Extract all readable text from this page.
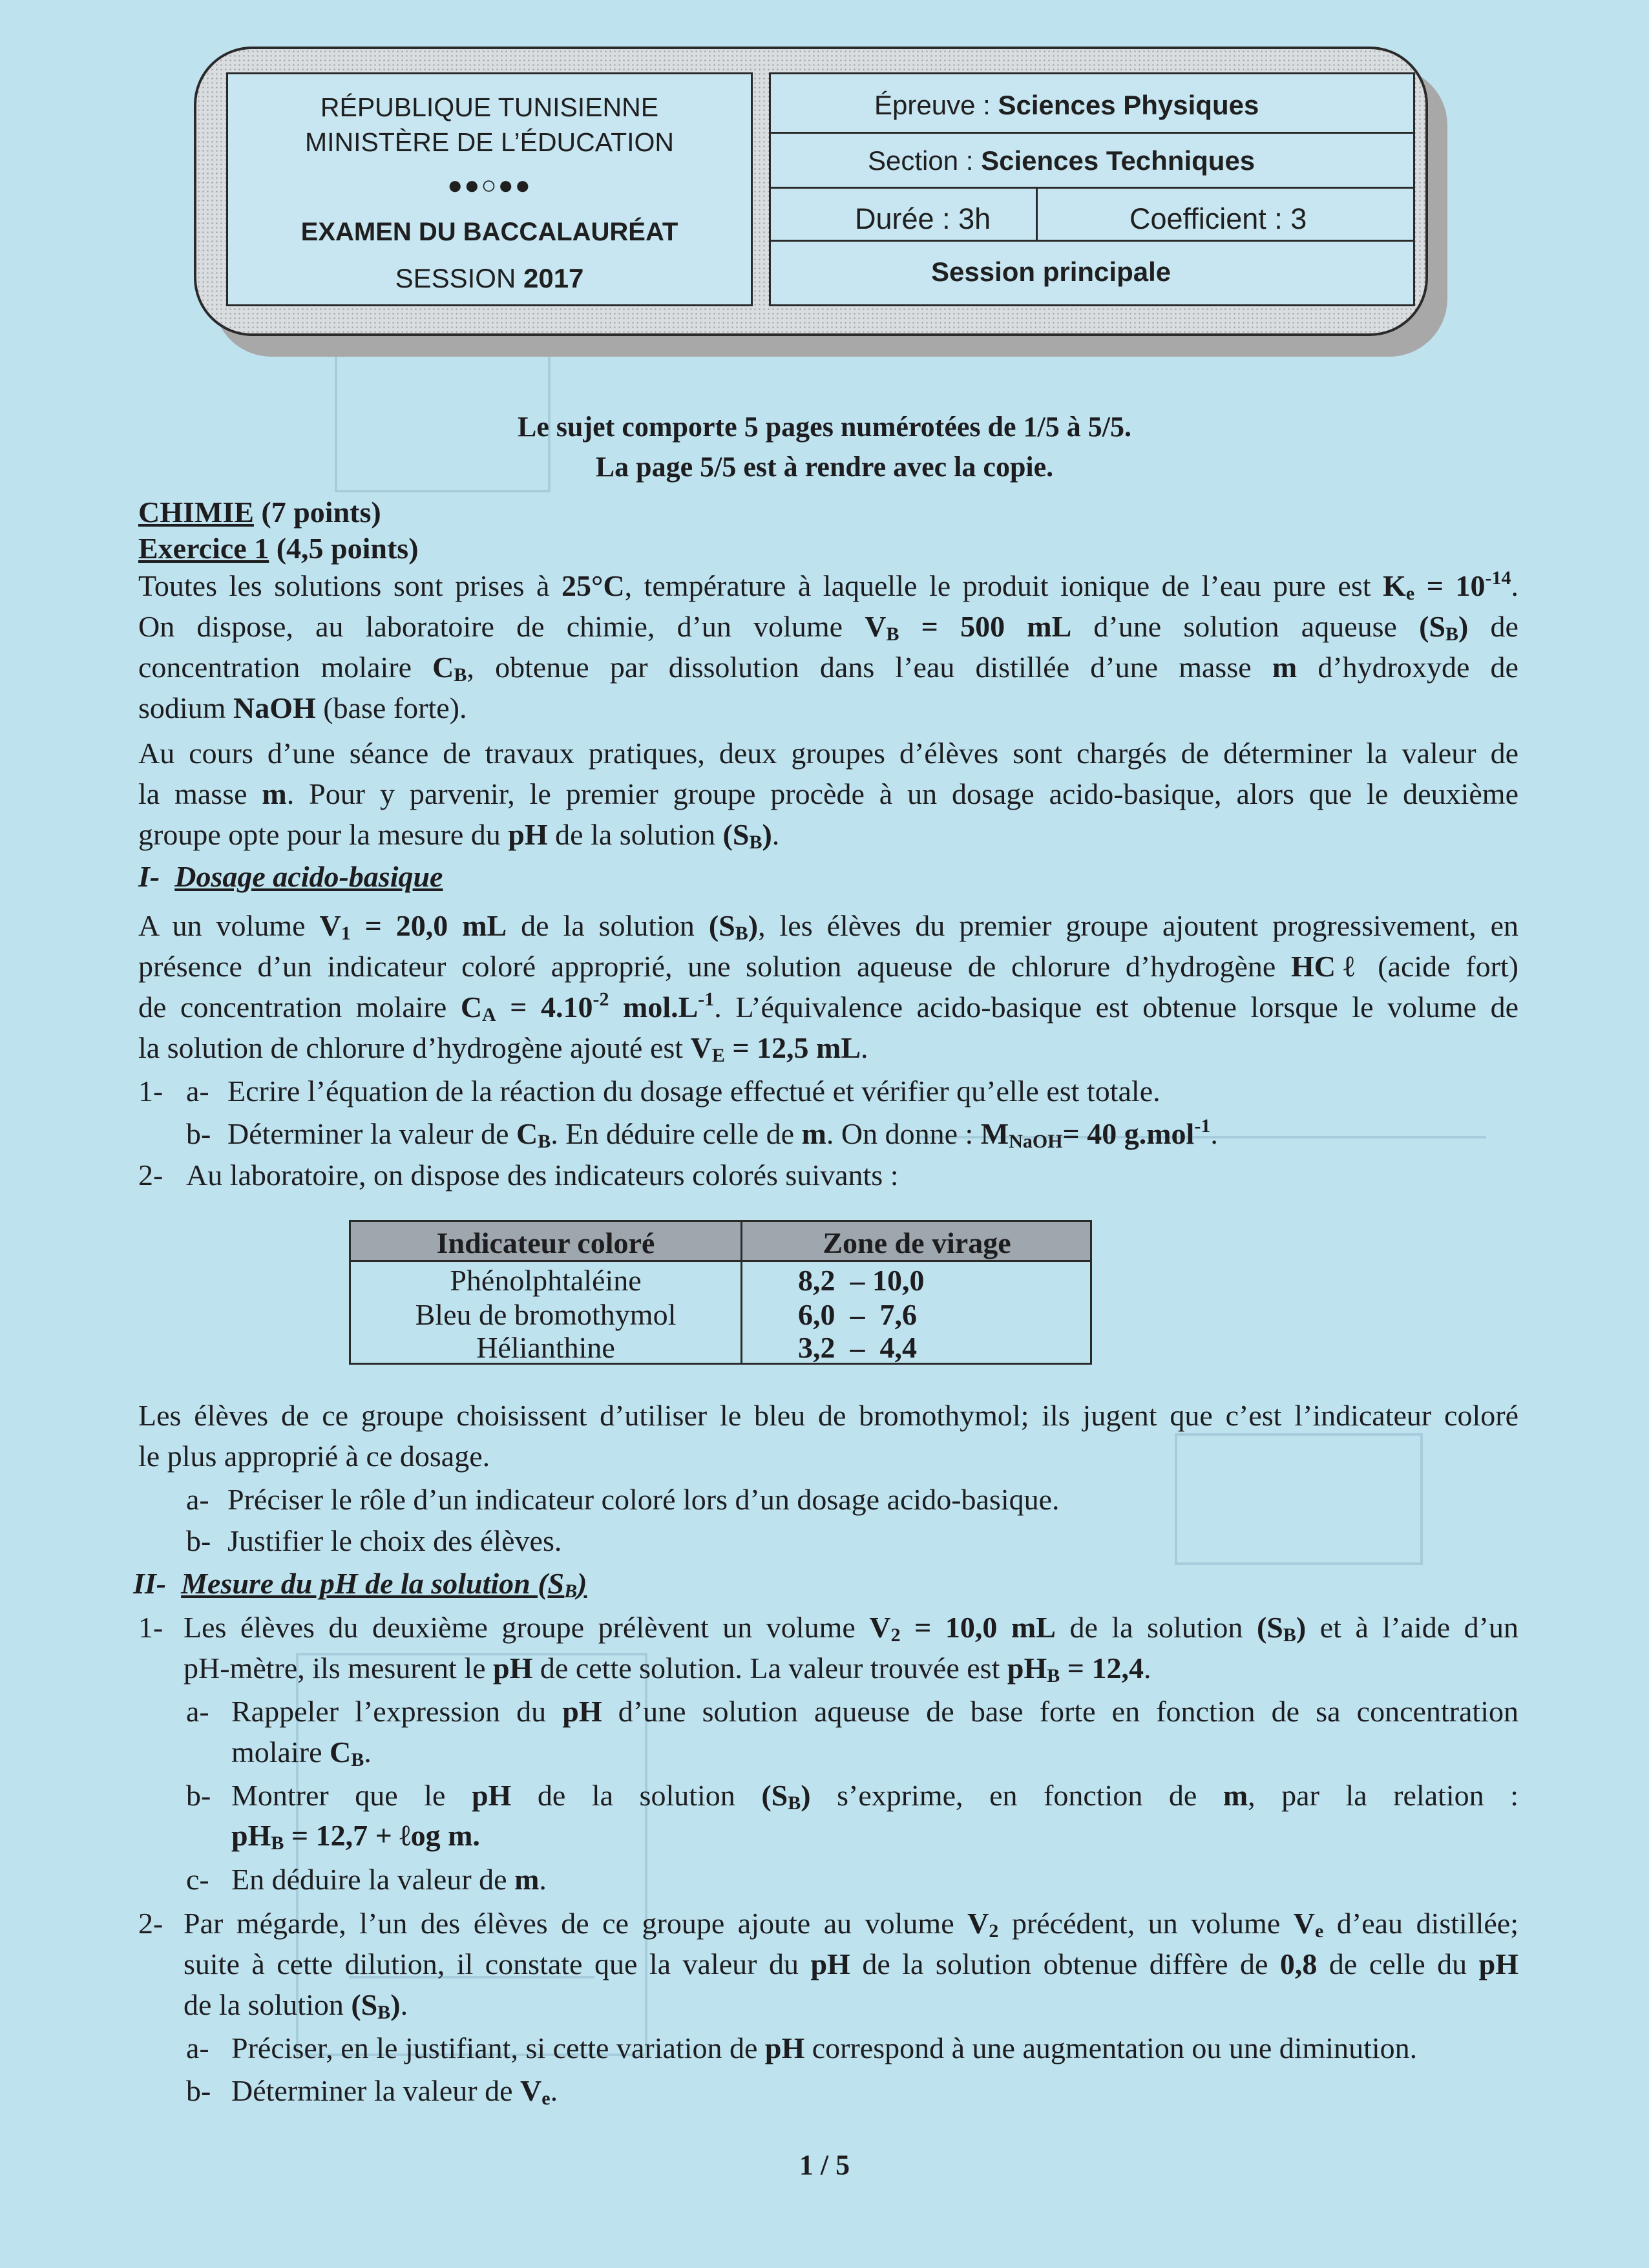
RÉPUBLIQUE TUNISIENNE
MINISTÈRE DE L’ÉDUCATION
●●○●●
EXAMEN DU BACCALAURÉAT
SESSION 2017
Épreuve : Sciences Physiques
Section : Sciences Techniques
Durée : 3h	Coefficient : 3
Session principale
Le sujet comporte 5 pages numérotées de 1/5 à 5/5.
La page 5/5 est à rendre avec la copie.
CHIMIE (7 points)
Exercice 1 (4,5 points)
Toutes les solutions sont prises à 25°C, température à laquelle le produit ionique de l’eau pure est $K_e = 10^{-14}$.
On dispose, au laboratoire de chimie, d’un volume $V_B = 500$ mL d’une solution aqueuse $(S_B)$ de
concentration molaire $C_B$, obtenue par dissolution dans l’eau distillée d’une masse m d’hydroxyde de
sodium NaOH (base forte).
Au cours d’une séance de travaux pratiques, deux groupes d’élèves sont chargés de déterminer la valeur de
la masse m. Pour y parvenir, le premier groupe procède à un dosage acido-basique, alors que le deuxième
groupe opte pour la mesure du pH de la solution $(S_B)$.
I- Dosage acido-basique
A un volume $V_1 = 20,0$ mL de la solution $(S_B)$, les élèves du premier groupe ajoutent progressivement, en
présence d’un indicateur coloré approprié, une solution aqueuse de chlorure d’hydrogène HCℓ (acide fort)
de concentration molaire $C_A = 4.10^{-2}$ $mol.L^{-1}$. L’équivalence acido-basique est obtenue lorsque le volume de
la solution de chlorure d’hydrogène ajouté est $V_E = 12,5$ mL.
1- a- Ecrire l’équation de la réaction du dosage effectué et vérifier qu’elle est totale.
b- Déterminer la valeur de $C_B$. En déduire celle de m. On donne : $M_{NaOH}= 40$ g.mol$^{-1}$.
2- Au laboratoire, on dispose des indicateurs colorés suivants :
Indicateur coloré	Zone de virage
Phénolphtaléine	8,2  – 10,0
Bleu de bromothymol	6,0  –  7,6
Hélianthine	3,2  –  4,4
Les élèves de ce groupe choisissent d’utiliser le bleu de bromothymol; ils jugent que c’est l’indicateur coloré
le plus approprié à ce dosage.
a- Préciser le rôle d’un indicateur coloré lors d’un dosage acido-basique.
b- Justifier le choix des élèves.
II- Mesure du pH de la solution $(S_B)$
1- Les élèves du deuxième groupe prélèvent un volume $V_2 = 10,0$ mL de la solution $(S_B)$ et à l’aide d’un
pH-mètre, ils mesurent le pH de cette solution. La valeur trouvée est $pH_B = 12,4$.
a- Rappeler l’expression du pH d’une solution aqueuse de base forte en fonction de sa concentration
molaire $C_B$.
b- Montrer que le pH de la solution $(S_B)$ s’exprime, en fonction de m, par la relation :
$pH_B = 12,7$ + ℓog m.
c- En déduire la valeur de m.
2- Par mégarde, l’un des élèves de ce groupe ajoute au volume $V_2$ précédent, un volume $V_e$ d’eau distillée;
suite à cette dilution, il constate que la valeur du pH de la solution obtenue diffère de 0,8 de celle du pH
de la solution $(S_B)$.
a- Préciser, en le justifiant, si cette variation de pH correspond à une augmentation ou une diminution.
b- Déterminer la valeur de $V_e$.
1 / 5
